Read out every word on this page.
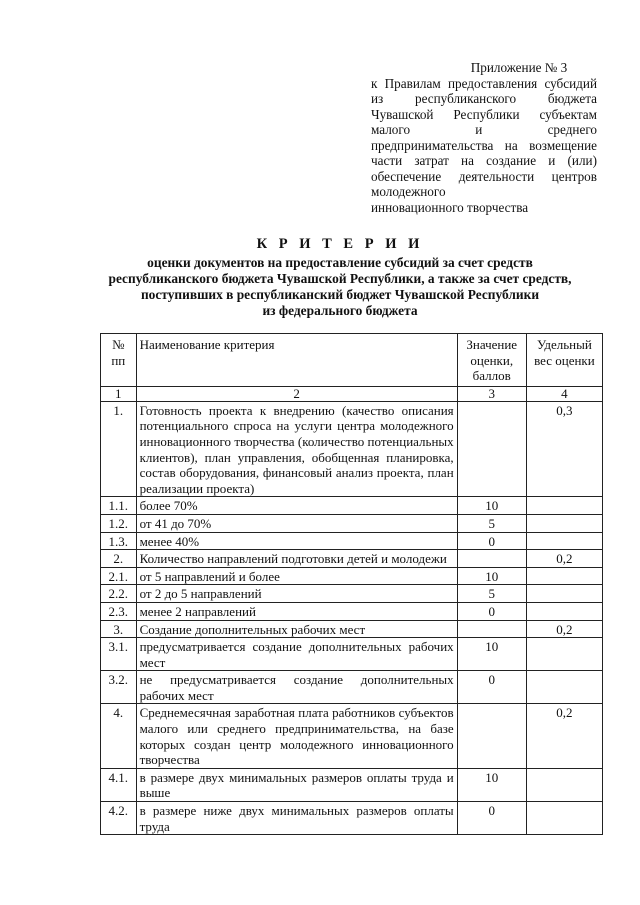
Приложение № 3
к Правилам предоставления субсидий из республиканского бюджета Чувашской Республики субъектам малого и среднего предпринимательства на возмещение части затрат на создание и (или) обеспечение деятельности центров молодежного
инновационного творчества
К Р И Т Е Р И И
оценки документов на предоставление субсидий за счет средств
республиканского бюджета Чувашской Республики, а также за счет средств,
поступивших в республиканский бюджет Чувашской Республики
из федерального бюджета
№ пп	Наименование критерия	Значение оценки, баллов	Удельный вес оценки
1	2	3	4
1.	Готовность проекта к внедрению (качество описания потенциального спроса на услуги центра молодежного инновационного творчества (количество потенциальных клиентов), план управления, обобщенная планировка, состав оборудования, финансовый анализ проекта, план реализации проекта)		0,3
1.1.	более 70%	10	
1.2.	от 41 до 70%	5	
1.3.	менее 40%	0	
2.	Количество направлений подготовки детей и молодежи		0,2
2.1.	от 5 направлений и более	10	
2.2.	от 2 до 5 направлений	5	
2.3.	менее 2 направлений	0	
3.	Создание дополнительных рабочих мест		0,2
3.1.	предусматривается создание дополнительных рабочих мест	10	
3.2.	не предусматривается создание дополнительных рабочих мест	0	
4.	Среднемесячная заработная плата работников субъектов малого или среднего предпринимательства, на базе которых создан центр молодежного инновационного творчества		0,2
4.1.	в размере двух минимальных размеров оплаты труда и выше	10	
4.2.	в размере ниже двух минимальных размеров оплаты труда	0	
